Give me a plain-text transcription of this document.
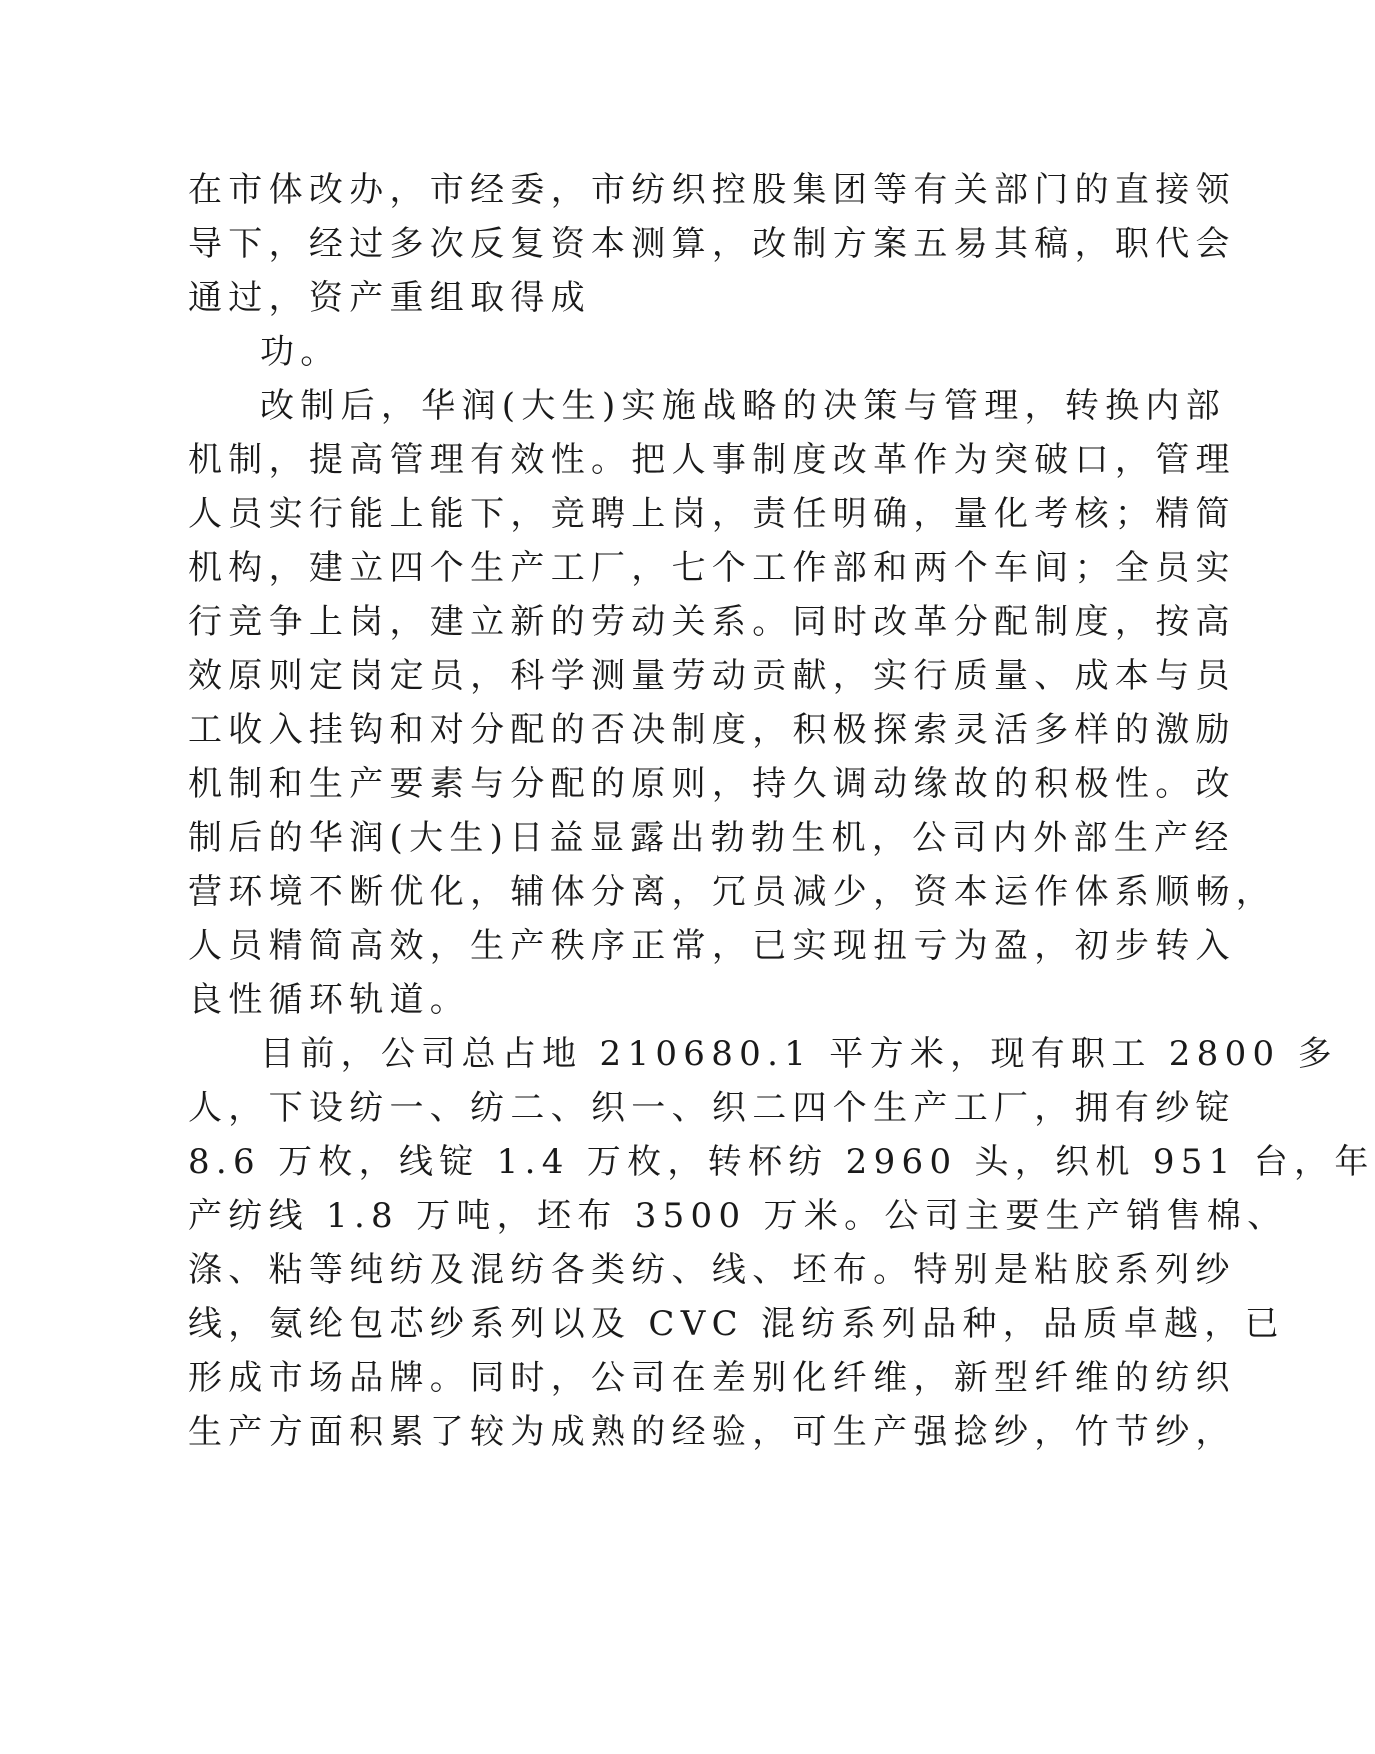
在市体改办，市经委，市纺织控股集团等有关部门的直接领
导下，经过多次反复资本测算，改制方案五易其稿，职代会
通过，资产重组取得成
功。
改制后，华润(大生)实施战略的决策与管理，转换内部
机制，提高管理有效性。把人事制度改革作为突破口，管理
人员实行能上能下，竞聘上岗，责任明确，量化考核；精简
机构，建立四个生产工厂，七个工作部和两个车间；全员实
行竞争上岗，建立新的劳动关系。同时改革分配制度，按高
效原则定岗定员，科学测量劳动贡献，实行质量、成本与员
工收入挂钩和对分配的否决制度，积极探索灵活多样的激励
机制和生产要素与分配的原则，持久调动缘故的积极性。改
制后的华润(大生)日益显露出勃勃生机，公司内外部生产经
营环境不断优化，辅体分离，冗员减少，资本运作体系顺畅，
人员精简高效，生产秩序正常，已实现扭亏为盈，初步转入
良性循环轨道。
目前，公司总占地 210680.1 平方米，现有职工 2800 多
人，下设纺一、纺二、织一、织二四个生产工厂，拥有纱锭
8.6 万枚，线锭 1.4 万枚，转杯纺 2960 头，织机 951 台，年
产纺线 1.8 万吨，坯布 3500 万米。公司主要生产销售棉、
涤、粘等纯纺及混纺各类纺、线、坯布。特别是粘胶系列纱
线，氨纶包芯纱系列以及 CVC 混纺系列品种，品质卓越，已
形成市场品牌。同时，公司在差别化纤维，新型纤维的纺织
生产方面积累了较为成熟的经验，可生产强捻纱，竹节纱，
